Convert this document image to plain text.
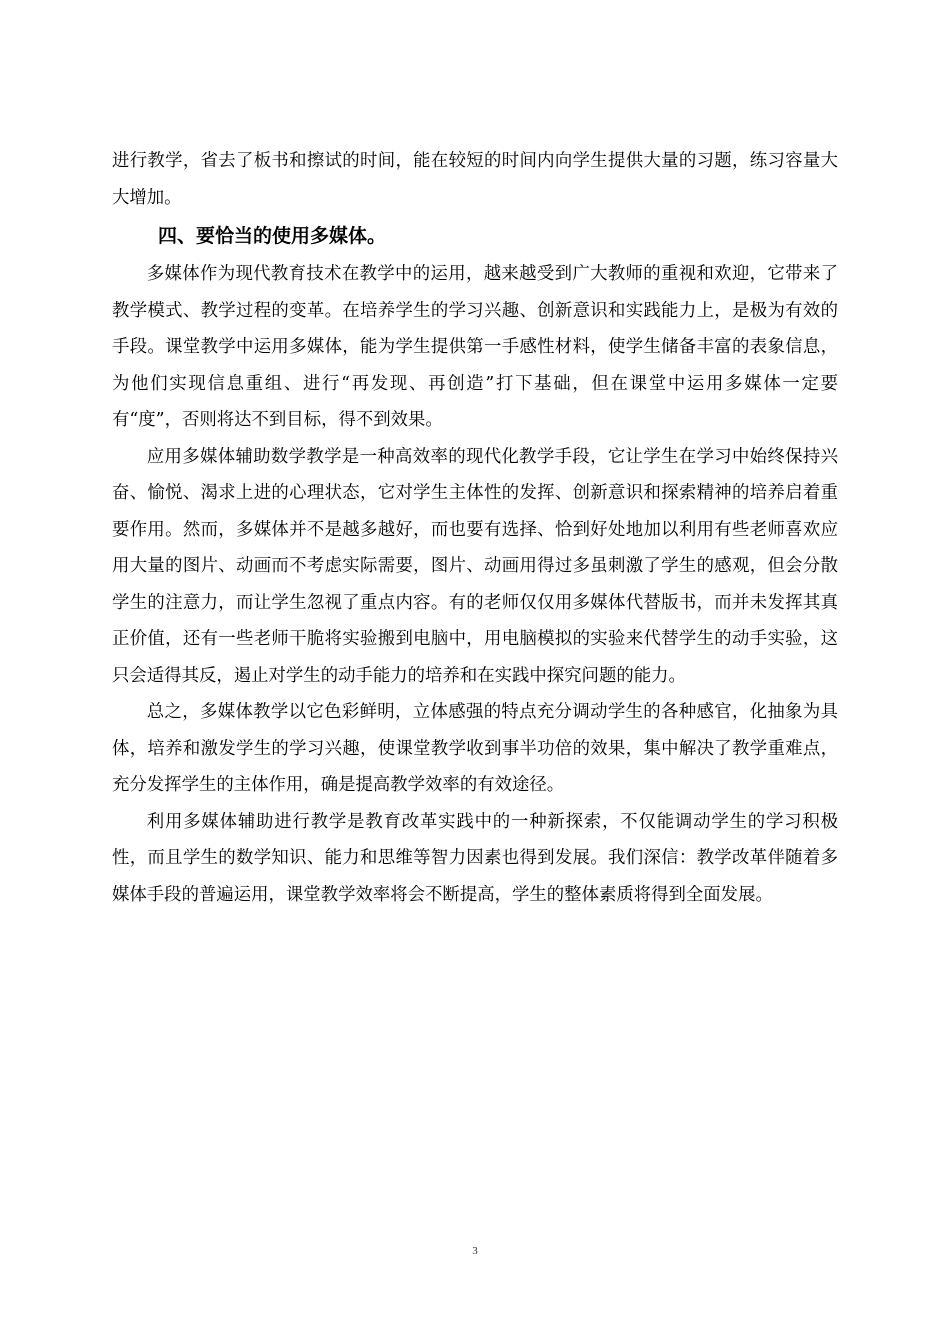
进行教学，省去了板书和擦试的时间，能在较短的时间内向学生提供大量的习题，练习容量大大增加。

四、要恰当的使用多媒体。

多媒体作为现代教育技术在教学中的运用，越来越受到广大教师的重视和欢迎，它带来了教学模式、教学过程的变革。在培养学生的学习兴趣、创新意识和实践能力上，是极为有效的手段。课堂教学中运用多媒体，能为学生提供第一手感性材料，使学生储备丰富的表象信息，为他们实现信息重组、进行“再发现、再创造”打下基础，但在课堂中运用多媒体一定要有“度”，否则将达不到目标，得不到效果。

应用多媒体辅助数学教学是一种高效率的现代化教学手段，它让学生在学习中始终保持兴奋、愉悦、渴求上进的心理状态，它对学生主体性的发挥、创新意识和探索精神的培养启着重要作用。然而，多媒体并不是越多越好，而也要有选择、恰到好处地加以利用有些老师喜欢应用大量的图片、动画而不考虑实际需要，图片、动画用得过多虽刺激了学生的感观，但会分散学生的注意力，而让学生忽视了重点内容。有的老师仅仅用多媒体代替版书，而并未发挥其真正价值，还有一些老师干脆将实验搬到电脑中，用电脑模拟的实验来代替学生的动手实验，这只会适得其反，遏止对学生的动手能力的培养和在实践中探究问题的能力。

总之，多媒体教学以它色彩鲜明，立体感强的特点充分调动学生的各种感官，化抽象为具体，培养和激发学生的学习兴趣，使课堂教学收到事半功倍的效果，集中解决了教学重难点，充分发挥学生的主体作用，确是提高教学效率的有效途径。

利用多媒体辅助进行教学是教育改革实践中的一种新探索，不仅能调动学生的学习积极性，而且学生的数学知识、能力和思维等智力因素也得到发展。我们深信：教学改革伴随着多媒体手段的普遍运用，课堂教学效率将会不断提高，学生的整体素质将得到全面发展。

3
